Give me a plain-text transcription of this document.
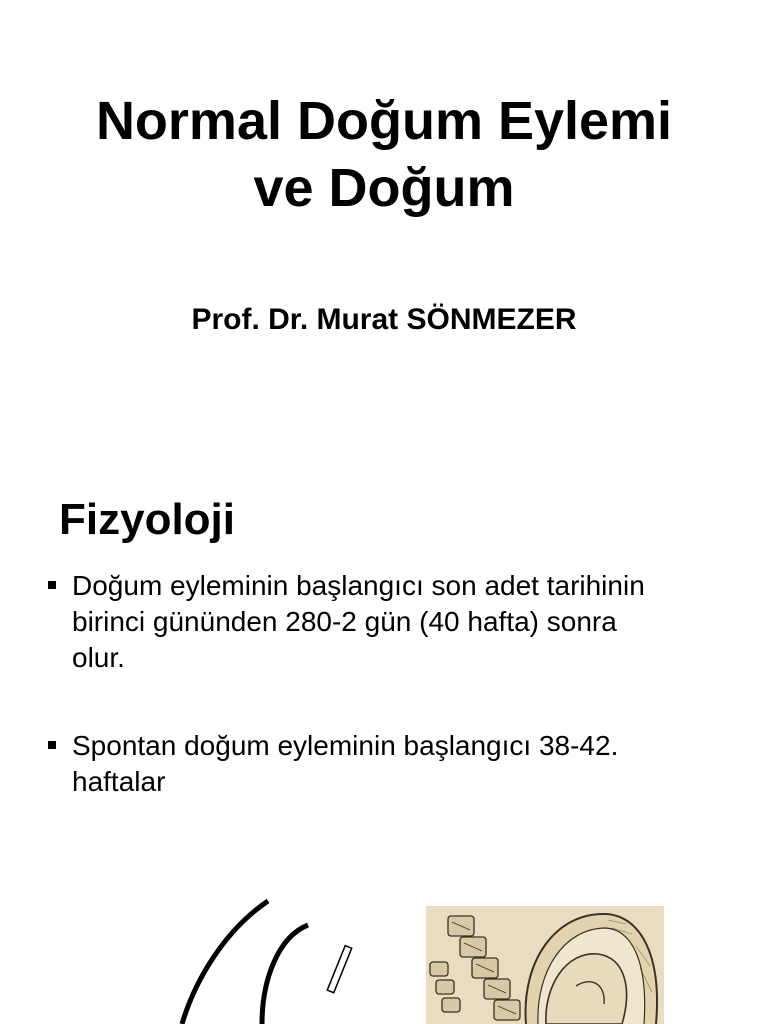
Normal Doğum Eylemi
ve Doğum
Prof. Dr. Murat SÖNMEZER
Fizyoloji
Doğum eyleminin başlangıcı son adet tarihinin
birinci gününden 280-2 gün (40 hafta) sonra
olur.
Spontan doğum eyleminin başlangıcı 38-42.
haftalar
